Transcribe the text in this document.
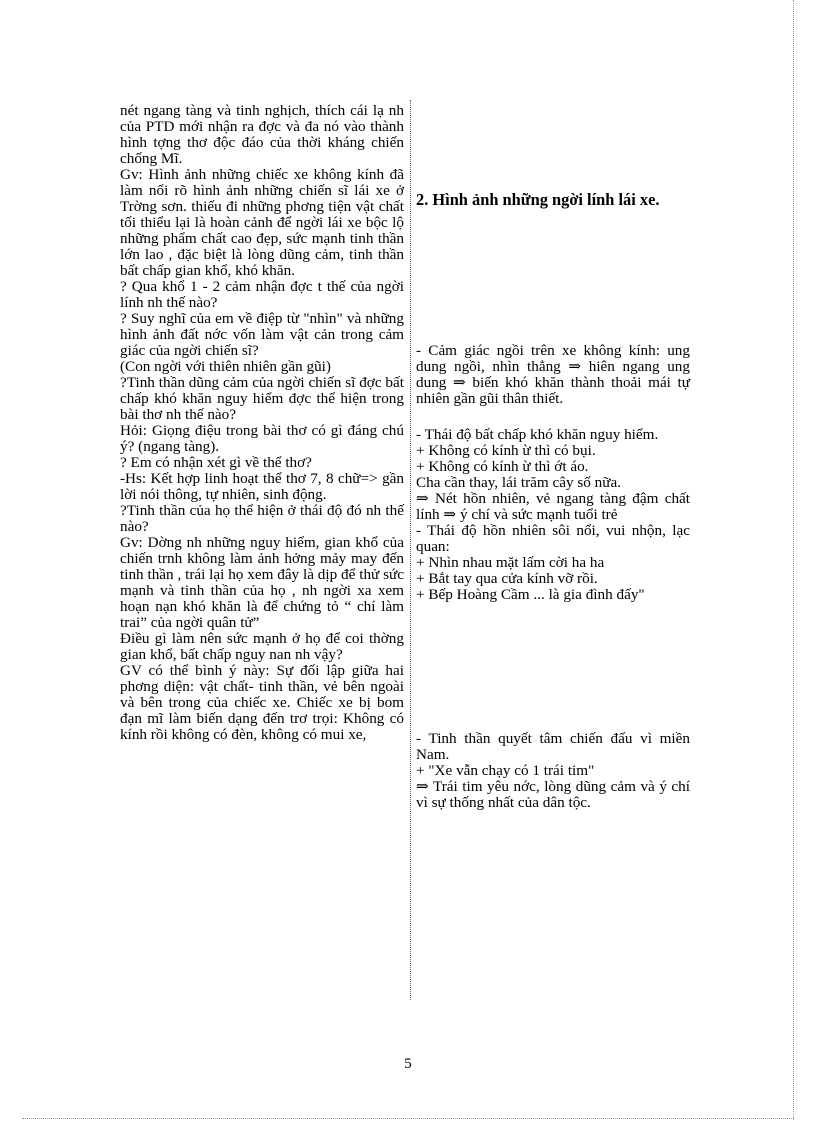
nét ngang tàng và tinh nghịch, thích cái lạ nh của PTD mới nhận ra đợc và đa nó vào thành hình tợng thơ độc đáo của thời kháng chiến chống Mĩ.

Gv: Hình ảnh những chiếc xe không kính đã làm nổi rõ hình ảnh những chiến sĩ lái xe ở Trờng sơn. thiếu đi những phơng tiện vật chất tối thiểu lại là hoàn cảnh để ngời lái xe bộc lộ những phẩm chất cao đẹp, sức mạnh tinh thần lớn lao , đặc biệt là lòng dũng cảm, tinh thần bất chấp gian khổ, khó khăn.

? Qua khổ 1 - 2 cảm nhận đợc t thế của ngời lính nh thế nào?

? Suy nghĩ của em về điệp từ "nhìn" và những hình ảnh đất nớc vốn làm vật cản trong cảm giác của ngời chiến sĩ?

(Con ngời với thiên nhiên gần gũi)

?Tinh thần dũng cảm của ngời chiến sĩ đợc bất chấp khó khăn nguy hiểm đợc thể hiện trong bài thơ nh thế nào?

Hỏi: Giọng điệu trong bài thơ có gì đáng chú ý? (ngang tàng).

? Em có nhận xét gì về thể thơ?

-Hs: Kết hợp linh hoạt thể thơ 7, 8 chữ=> gần lời nói thông, tự nhiên, sinh động.

?Tinh thần của họ thể hiện ở thái độ đó nh thế nào?

Gv: Dờng nh những nguy hiểm, gian khổ của chiến trnh không làm ảnh hởng mảy may đến tinh thần , trái lại họ xem đây là dịp để thử sức mạnh và tinh thần của họ , nh ngời xa xem hoạn nạn khó khăn là để chứng tỏ “ chí làm trai” của ngời quân tử”

Điều gì làm nên sức mạnh ở họ để coi thờng gian khổ, bất chấp nguy nan nh vậy?

GV có thể bình ý này: Sự đối lập giữa hai phơng diện: vật chất- tinh thần, vẻ bên ngoài và bên trong của chiếc xe. Chiếc xe bị bom đạn mĩ làm biến dạng đến trơ trọi: Không có kính rồi không có đèn, không có mui xe,

2. Hình ảnh những ngời lính lái xe.

- Cảm giác ngồi trên xe không kính: ung dung ngồi, nhìn thẳng ⇒ hiên ngang ung dung ⇒ biến khó khăn thành thoải mái tự nhiên gần gũi thân thiết.

- Thái độ bất chấp khó khăn nguy hiểm.

+ Không có kính ừ thì có bụi.

+ Không có kính ừ thì ớt áo.

Cha cần thay, lái trăm cây số nữa.

⇒ Nét hồn nhiên, vẻ ngang tàng đậm chất lính ⇒ ý chí và sức mạnh tuổi trẻ

- Thái độ hồn nhiên sôi nổi, vui nhộn, lạc quan:

+ Nhìn nhau mặt lấm cời ha ha

+ Bắt tay qua cửa kính vỡ rồi.

+ Bếp Hoàng Cầm ... là gia đình đấy"

- Tinh thần quyết tâm chiến đấu vì miền Nam.

+ "Xe vẫn chạy có 1 trái tim"

⇒ Trái tim yêu nớc, lòng dũng cảm và ý chí vì sự thống nhất của dân tộc.

5
